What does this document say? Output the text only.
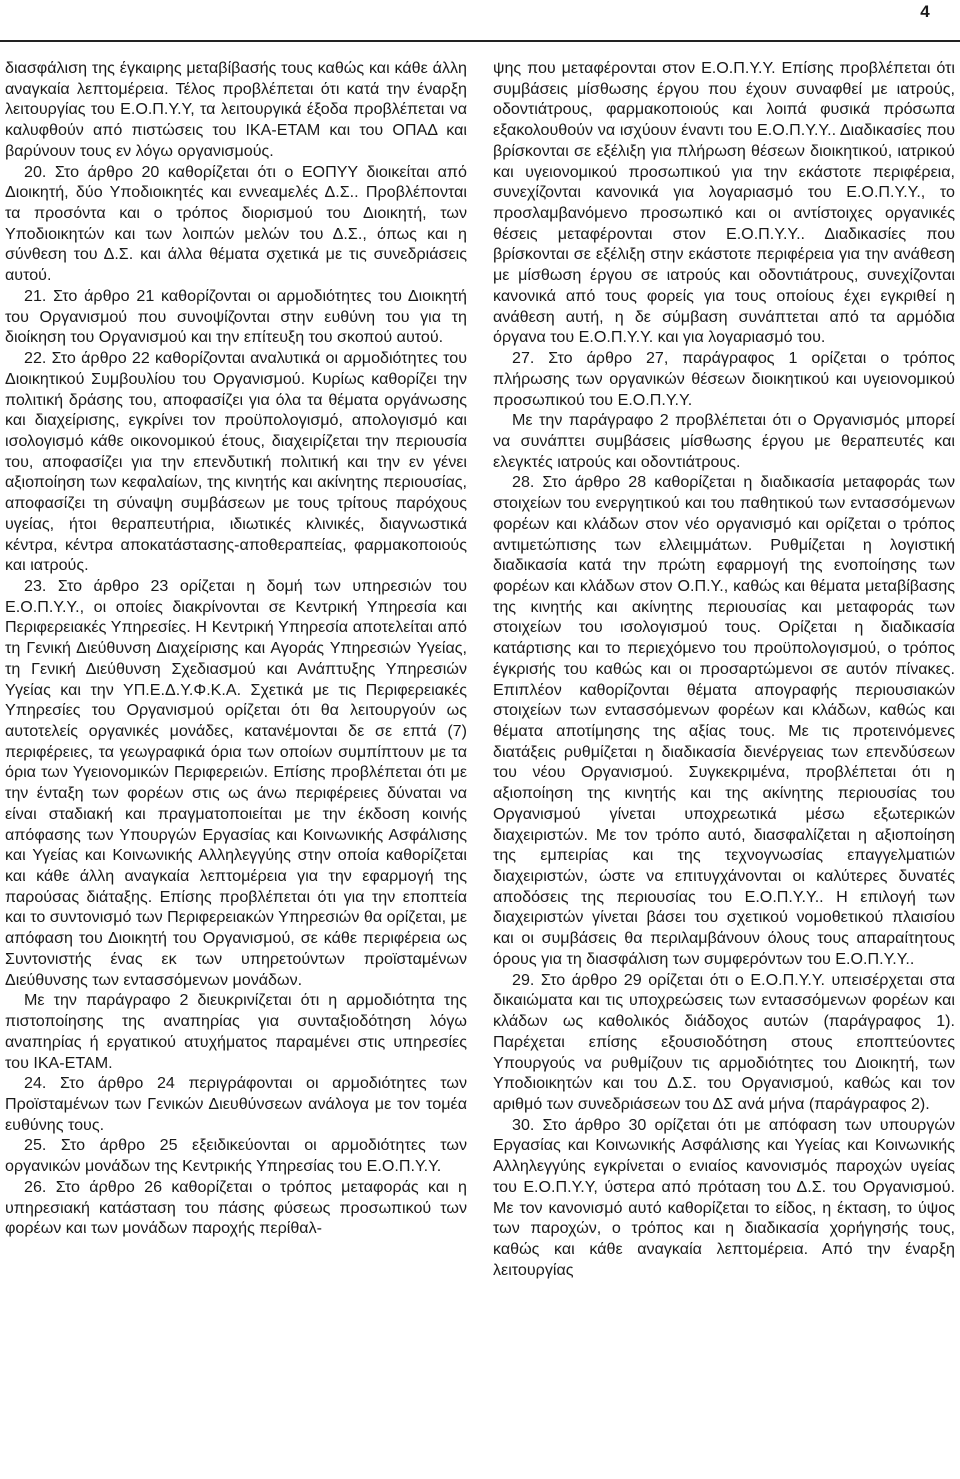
4

διασφάλιση της έγκαιρης μεταβίβασής τους καθώς και κάθε άλλη αναγκαία λεπτομέρεια. Τέλος προβλέπεται ότι κατά την έναρξη λειτουργίας του Ε.Ο.Π.Υ.Υ, τα λειτουργικά έξοδα προβλέπεται να καλυφθούν από πιστώσεις του ΙΚΑ-ΕΤΑΜ και του ΟΠΑΔ και βαρύνουν τους εν λόγω οργανισμούς.

20. Στο άρθρο 20 καθορίζεται ότι ο ΕΟΠΥΥ διοικείται από Διοικητή, δύο Υποδιοικητές και εννεαμελές Δ.Σ.. Προβλέπονται τα προσόντα και ο τρόπος διορισμού του Διοικητή, των Υποδιοικητών και των λοιπών μελών του Δ.Σ., όπως και η σύνθεση του Δ.Σ. και άλλα θέματα σχετικά με τις συνεδριάσεις αυτού.

21. Στο άρθρο 21 καθορίζονται οι αρμοδιότητες του Διοικητή του Οργανισμού που συνοψίζονται στην ευθύνη του για τη διοίκηση του Οργανισμού και την επίτευξη του σκοπού αυτού.

22. Στο άρθρο 22 καθορίζονται αναλυτικά οι αρμοδιότητες του Διοικητικού Συμβουλίου του Οργανισμού. Κυρίως καθορίζει την πολιτική δράσης του, αποφασίζει για όλα τα θέματα οργάνωσης και διαχείρισης, εγκρίνει τον προϋπολογισμό, απολογισμό και ισολογισμό κάθε οικονομικού έτους, διαχειρίζεται την περιουσία του, αποφασίζει για την επενδυτική πολιτική και την εν γένει αξιοποίηση των κεφαλαίων, της κινητής και ακίνητης περιουσίας, αποφασίζει τη σύναψη συμβάσεων με τους τρίτους παρόχους υγείας, ήτοι θεραπευτήρια, ιδιωτικές κλινικές, διαγνωστικά κέντρα, κέντρα αποκατάστασης-αποθεραπείας, φαρμακοποιούς και ιατρούς.

23. Στο άρθρο 23 ορίζεται η δομή των υπηρεσιών του Ε.Ο.Π.Υ.Υ., οι οποίες διακρίνονται σε Κεντρική Υπηρεσία και Περιφερειακές Υπηρεσίες. Η Κεντρική Υπηρεσία αποτελείται από τη Γενική Διεύθυνση Διαχείρισης και Αγοράς Υπηρεσιών Υγείας, τη Γενική Διεύθυνση Σχεδιασμού και Ανάπτυξης Υπηρεσιών Υγείας και την ΥΠ.Ε.Δ.Υ.Φ.Κ.Α. Σχετικά με τις Περιφερειακές Υπηρεσίες του Οργανισμού ορίζεται ότι θα λειτουργούν ως αυτοτελείς οργανικές μονάδες, κατανέμονται δε σε επτά (7) περιφέρειες, τα γεωγραφικά όρια των οποίων συμπίπτουν με τα όρια των Υγειονομικών Περιφερειών. Επίσης προβλέπεται ότι με την ένταξη των φορέων στις ως άνω περιφέρειες δύναται να είναι σταδιακή και πραγματοποιείται με την έκδοση κοινής απόφασης των Υπουργών Εργασίας και Κοινωνικής Ασφάλισης και Υγείας και Κοινωνικής Αλληλεγγύης στην οποία καθορίζεται και κάθε άλλη αναγκαία λεπτομέρεια για την εφαρμογή της παρούσας διάταξης. Επίσης προβλέπεται ότι για την εποπτεία και το συντονισμό των Περιφερειακών Υπηρεσιών θα ορίζεται, με απόφαση του Διοικητή του Οργανισμού, σε κάθε περιφέρεια ως Συντονιστής ένας εκ των υπηρετούντων προϊσταμένων Διεύθυνσης των εντασσόμενων μονάδων.

Με την παράγραφο 2 διευκρινίζεται ότι η αρμοδιότητα της πιστοποίησης της αναπηρίας για συνταξιοδότηση λόγω αναπηρίας ή εργατικού ατυχήματος παραμένει στις υπηρεσίες του ΙΚΑ-ΕΤΑΜ.

24. Στο άρθρο 24 περιγράφονται οι αρμοδιότητες των Προϊσταμένων των Γενικών Διευθύνσεων ανάλογα με τον τομέα ευθύνης τους.

25. Στο άρθρο 25 εξειδικεύονται οι αρμοδιότητες των οργανικών μονάδων της Κεντρικής Υπηρεσίας του Ε.Ο.Π.Υ.Υ.

26. Στο άρθρο 26 καθορίζεται ο τρόπος μεταφοράς και η υπηρεσιακή κατάσταση του πάσης φύσεως προσωπικού των φορέων και των μονάδων παροχής περίθαλ-

ψης που μεταφέρονται στον Ε.Ο.Π.Υ.Υ. Επίσης προβλέπεται ότι συμβάσεις μίσθωσης έργου που έχουν συναφθεί με ιατρούς, οδοντιάτρους, φαρμακοποιούς και λοιπά φυσικά πρόσωπα εξακολουθούν να ισχύουν έναντι του Ε.Ο.Π.Υ.Υ.. Διαδικασίες που βρίσκονται σε εξέλιξη για πλήρωση θέσεων διοικητικού, ιατρικού και υγειονομικού προσωπικού για την εκάστοτε περιφέρεια, συνεχίζονται κανονικά για λογαριασμό του Ε.Ο.Π.Υ.Υ., το προσλαμβανόμενο προσωπικό και οι αντίστοιχες οργανικές θέσεις μεταφέρονται στον Ε.Ο.Π.Υ.Υ.. Διαδικασίες που βρίσκονται σε εξέλιξη στην εκάστοτε περιφέρεια για την ανάθεση με μίσθωση έργου σε ιατρούς και οδοντιάτρους, συνεχίζονται κανονικά από τους φορείς για τους οποίους έχει εγκριθεί η ανάθεση αυτή, η δε σύμβαση συνάπτεται από τα αρμόδια όργανα του Ε.Ο.Π.Υ.Υ. και για λογαριασμό του.

27. Στο άρθρο 27, παράγραφος 1 ορίζεται ο τρόπος πλήρωσης των οργανικών θέσεων διοικητικού και υγειονομικού προσωπικού του Ε.Ο.Π.Υ.Υ.

Με την παράγραφο 2 προβλέπεται ότι ο Οργανισμός μπορεί να συνάπτει συμβάσεις μίσθωσης έργου με θεραπευτές και ελεγκτές ιατρούς και οδοντιάτρους.

28. Στο άρθρο 28 καθορίζεται η διαδικασία μεταφοράς των στοιχείων του ενεργητικού και του παθητικού των εντασσόμενων φορέων και κλάδων στον νέο οργανισμό και ορίζεται ο τρόπος αντιμετώπισης των ελλειμμάτων. Ρυθμίζεται η λογιστική διαδικασία κατά την πρώτη εφαρμογή της ενοποίησης των φορέων και κλάδων στον Ο.Π.Υ., καθώς και θέματα μεταβίβασης της κινητής και ακίνητης περιουσίας και μεταφοράς των στοιχείων του ισολογισμού τους. Ορίζεται η διαδικασία κατάρτισης και το περιεχόμενο του προϋπολογισμού, ο τρόπος έγκρισής του καθώς και οι προσαρτώμενοι σε αυτόν πίνακες. Επιπλέον καθορίζονται θέματα απογραφής περιουσιακών στοιχείων των εντασσόμενων φορέων και κλάδων, καθώς και θέματα αποτίμησης της αξίας τους. Με τις προτεινόμενες διατάξεις ρυθμίζεται η διαδικασία διενέργειας των επενδύσεων του νέου Οργανισμού. Συγκεκριμένα, προβλέπεται ότι η αξιοποίηση της κινητής και της ακίνητης περιουσίας του Οργανισμού γίνεται υποχρεωτικά μέσω εξωτερικών διαχειριστών. Με τον τρόπο αυτό, διασφαλίζεται η αξιοποίηση της εμπειρίας και της τεχνογνωσίας επαγγελματιών διαχειριστών, ώστε να επιτυγχάνονται οι καλύτερες δυνατές αποδόσεις της περιουσίας του Ε.Ο.Π.Υ.Υ.. Η επιλογή των διαχειριστών γίνεται βάσει του σχετικού νομοθετικού πλαισίου και οι συμβάσεις θα περιλαμβάνουν όλους τους απαραίτητους όρους για τη διασφάλιση των συμφερόντων του Ε.Ο.Π.Υ.Υ..

29. Στο άρθρο 29 ορίζεται ότι ο Ε.Ο.Π.Υ.Υ. υπεισέρχεται στα δικαιώματα και τις υποχρεώσεις των εντασσόμενων φορέων και κλάδων ως καθολικός διάδοχος αυτών (παράγραφος 1). Παρέχεται επίσης εξουσιοδότηση στους εποπτεύοντες Υπουργούς να ρυθμίζουν τις αρμοδιότητες του Διοικητή, των Υποδιοικητών και του Δ.Σ. του Οργανισμού, καθώς και τον αριθμό των συνεδριάσεων του ΔΣ ανά μήνα (παράγραφος 2).

30. Στο άρθρο 30 ορίζεται ότι με απόφαση των υπουργών Εργασίας και Κοινωνικής Ασφάλισης και Υγείας και Κοινωνικής Αλληλεγγύης εγκρίνεται ο ενιαίος κανονισμός παροχών υγείας του Ε.Ο.Π.Υ.Υ, ύστερα από πρόταση του Δ.Σ. του Οργανισμού. Με τον κανονισμό αυτό καθορίζεται το είδος, η έκταση, το ύψος των παροχών, ο τρόπος και η διαδικασία χορήγησής τους, καθώς και κάθε αναγκαία λεπτομέρεια. Από την έναρξη λειτουργίας
